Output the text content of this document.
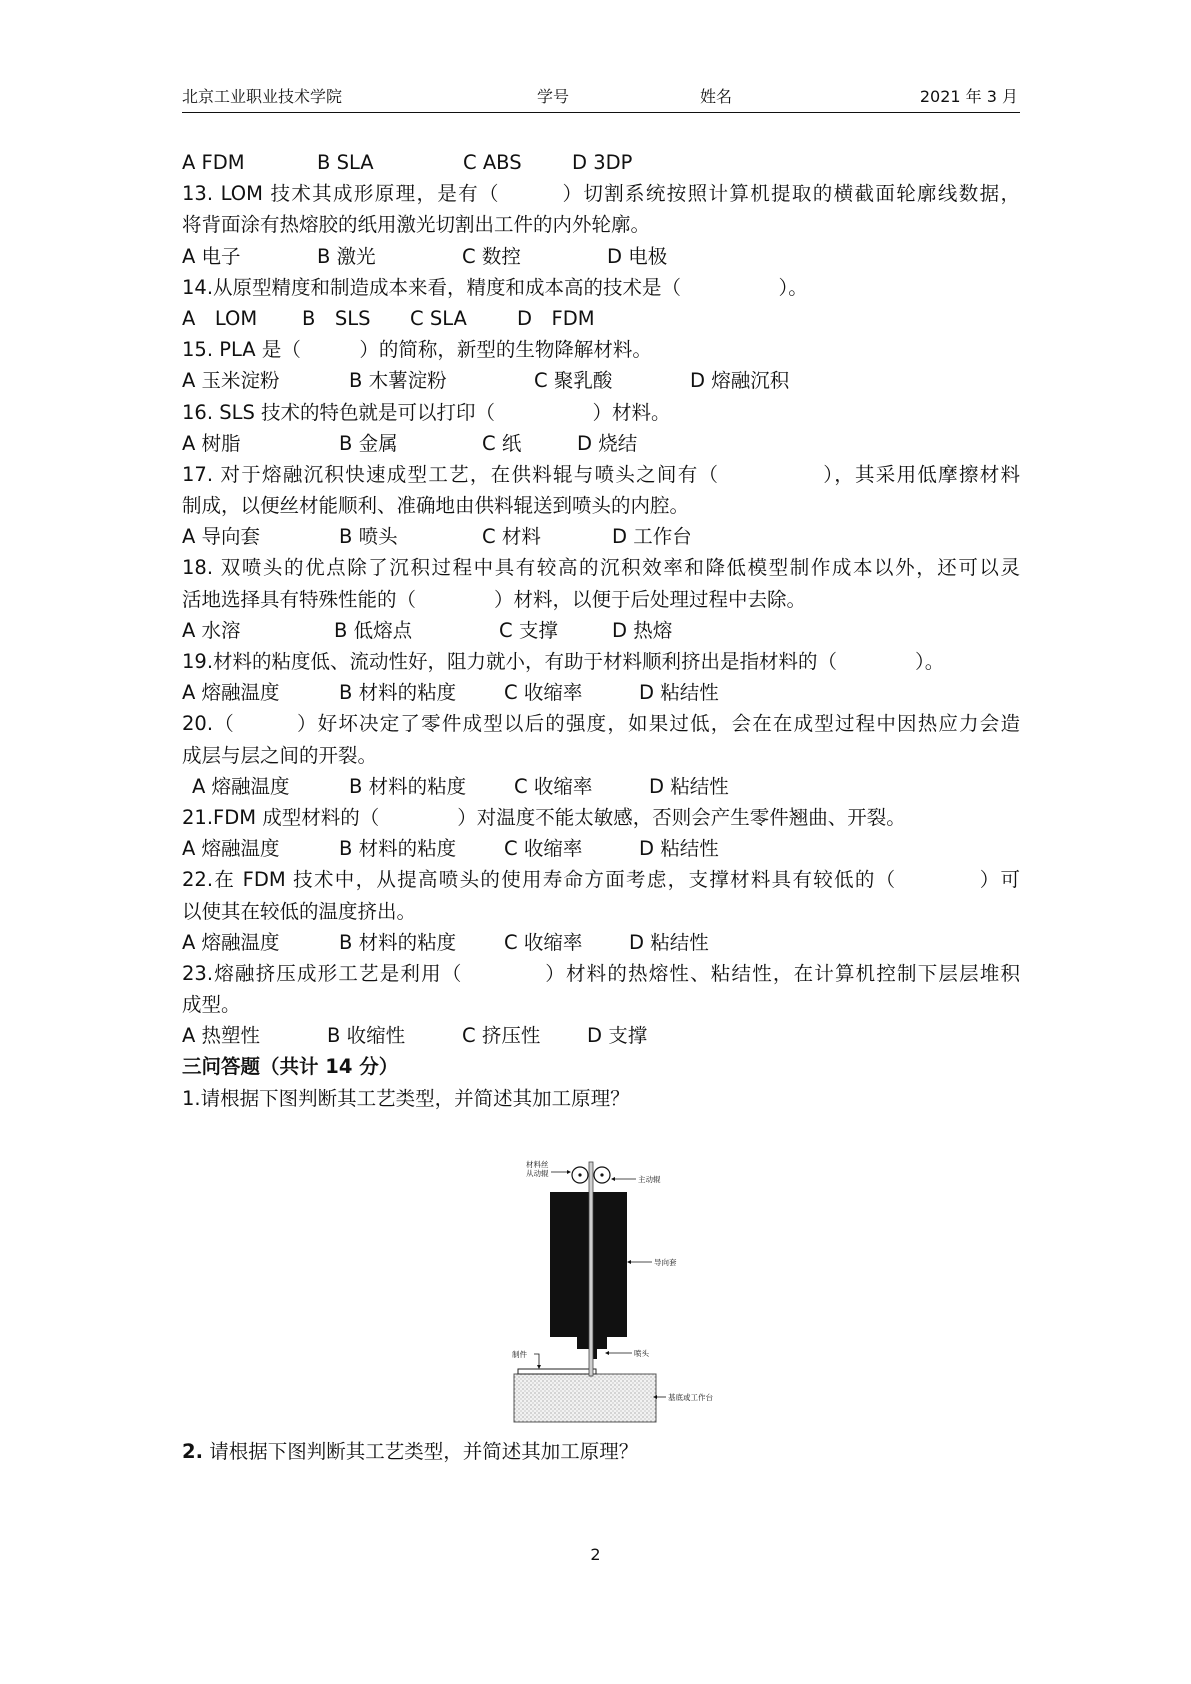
北京工业职业技术学院	学号	姓名	2021 年 3 月
A FDM	B SLA	C ABS	D 3DP
13. LOM 技术其成形原理，是有（　　　）切割系统按照计算机提取的横截面轮廓线数据，
将背面涂有热熔胶的纸用激光切割出工件的内外轮廓。
A 电子	B 激光	C 数控	D 电极
14.从原型精度和制造成本来看，精度和成本高的技术是（　　　　　）。
A　LOM B　SLS C SLA	D　FDM
15. PLA 是（　　　）的简称，新型的生物降解材料。
A 玉米淀粉	B 木薯淀粉	C 聚乳酸	D 熔融沉积
16. SLS 技术的特色就是可以打印（　　　　　）材料。
A 树脂	B 金属	C 纸	D 烧结
17. 对于熔融沉积快速成型工艺，在供料辊与喷头之间有（　　　　　），其采用低摩擦材料
制成，以便丝材能顺利、准确地由供料辊送到喷头的内腔。
A 导向套	B 喷头	C 材料	D 工作台
18. 双喷头的优点除了沉积过程中具有较高的沉积效率和降低模型制作成本以外，还可以灵
活地选择具有特殊性能的（　　　　）材料，以便于后处理过程中去除。
A 水溶	B 低熔点	C 支撑	D 热熔
19.材料的粘度低、流动性好，阻力就小，有助于材料顺利挤出是指材料的（　　　　）。
A 熔融温度	B 材料的粘度 C 收缩率	D 粘结性
20.（　　　）好坏决定了零件成型以后的强度，如果过低，会在在成型过程中因热应力会造
成层与层之间的开裂。
A 熔融温度	B 材料的粘度 C 收缩率	D 粘结性
21.FDM 成型材料的（　　　　）对温度不能太敏感，否则会产生零件翘曲、开裂。
A 熔融温度	B 材料的粘度 C 收缩率	D 粘结性
22.在 FDM 技术中，从提高喷头的使用寿命方面考虑，支撑材料具有较低的（　　　　）可
以使其在较低的温度挤出。
A 熔融温度	B 材料的粘度 C 收缩率 D 粘结性
23.熔融挤压成形工艺是利用（　　　　）材料的热熔性、粘结性，在计算机控制下层层堆积
成型。
A 热塑性	B 收缩性	C 挤压性 D 支撑
三问答题（共计 14 分）
1.请根据下图判断其工艺类型，并简述其加工原理？
材料丝
从动辊
主动辊
导向套
喷头
制件
基底或工作台
2. 请根据下图判断其工艺类型，并简述其加工原理？
2
